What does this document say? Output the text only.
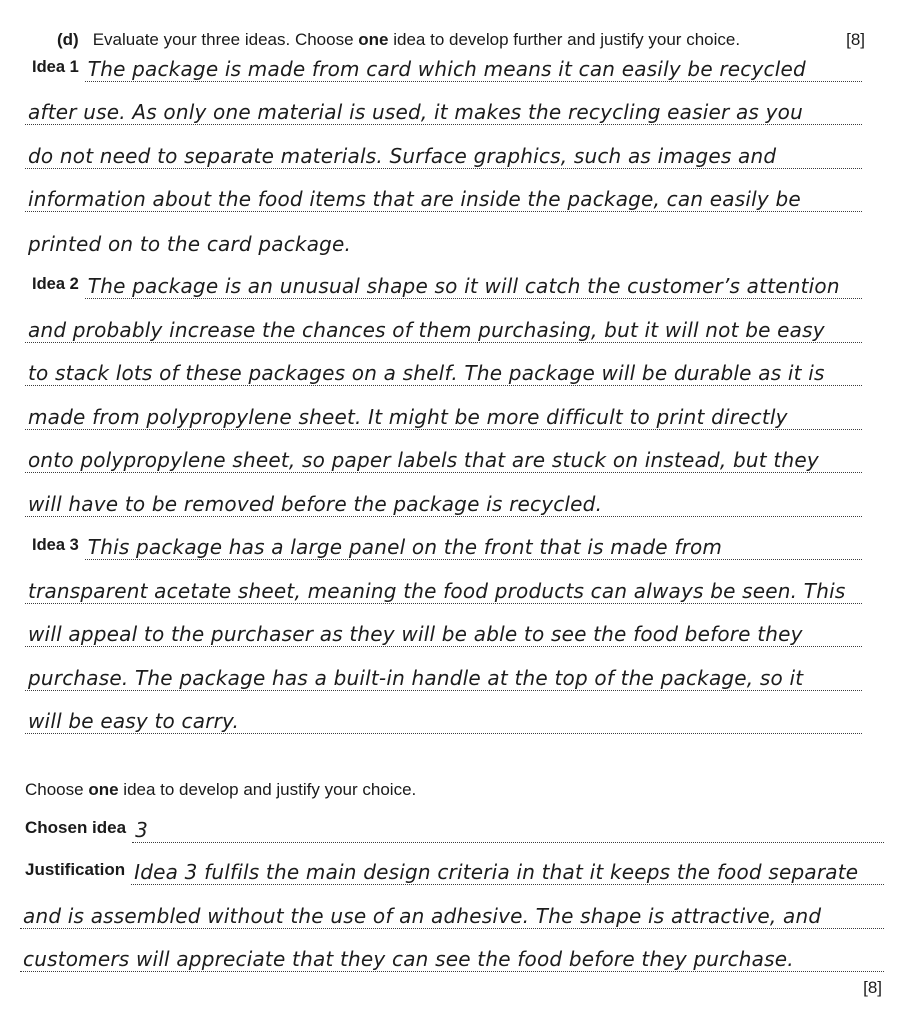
(d) Evaluate your three ideas. Choose one idea to develop further and justify your choice.	[8]
Idea 1 The package is made from card which means it can easily be recycled
after use. As only one material is used, it makes the recycling easier as you
do not need to separate materials. Surface graphics, such as images and
information about the food items that are inside the package, can easily be
printed on to the card package.
Idea 2 The package is an unusual shape so it will catch the customer’s attention
and probably increase the chances of them purchasing, but it will not be easy
to stack lots of these packages on a shelf. The package will be durable as it is
made from polypropylene sheet. It might be more difficult to print directly
onto polypropylene sheet, so paper labels that are stuck on instead, but they
will have to be removed before the package is recycled.
Idea 3 This package has a large panel on the front that is made from
transparent acetate sheet, meaning the food products can always be seen. This
will appeal to the purchaser as they will be able to see the food before they
purchase. The package has a built-in handle at the top of the package, so it
will be easy to carry.
Choose one idea to develop and justify your choice.
Chosen idea 3
Justification Idea 3 fulfils the main design criteria in that it keeps the food separate
and is assembled without the use of an adhesive. The shape is attractive, and
customers will appreciate that they can see the food before they purchase.
[8]
